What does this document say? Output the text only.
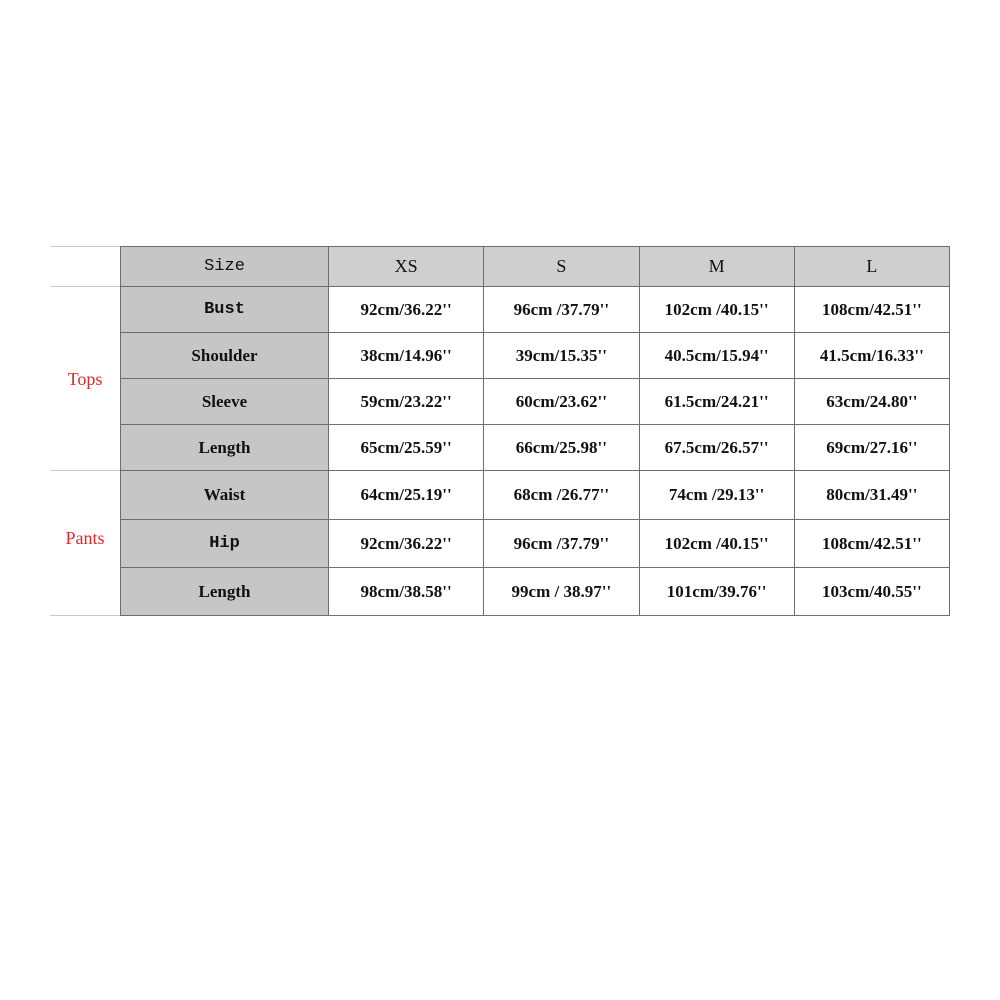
Tops
Pants
Size	XS	S	M	L
Bust	92cm/36.22''	96cm /37.79''	102cm /40.15''	108cm/42.51''
Shoulder	38cm/14.96''	39cm/15.35''	40.5cm/15.94''	41.5cm/16.33''
Sleeve	59cm/23.22''	60cm/23.62''	61.5cm/24.21''	63cm/24.80''
Length	65cm/25.59''	66cm/25.98''	67.5cm/26.57''	69cm/27.16''
Waist	64cm/25.19''	68cm /26.77''	74cm /29.13''	80cm/31.49''
Hip	92cm/36.22''	96cm /37.79''	102cm /40.15''	108cm/42.51''
Length	98cm/38.58''	99cm / 38.97''	101cm/39.76''	103cm/40.55''
